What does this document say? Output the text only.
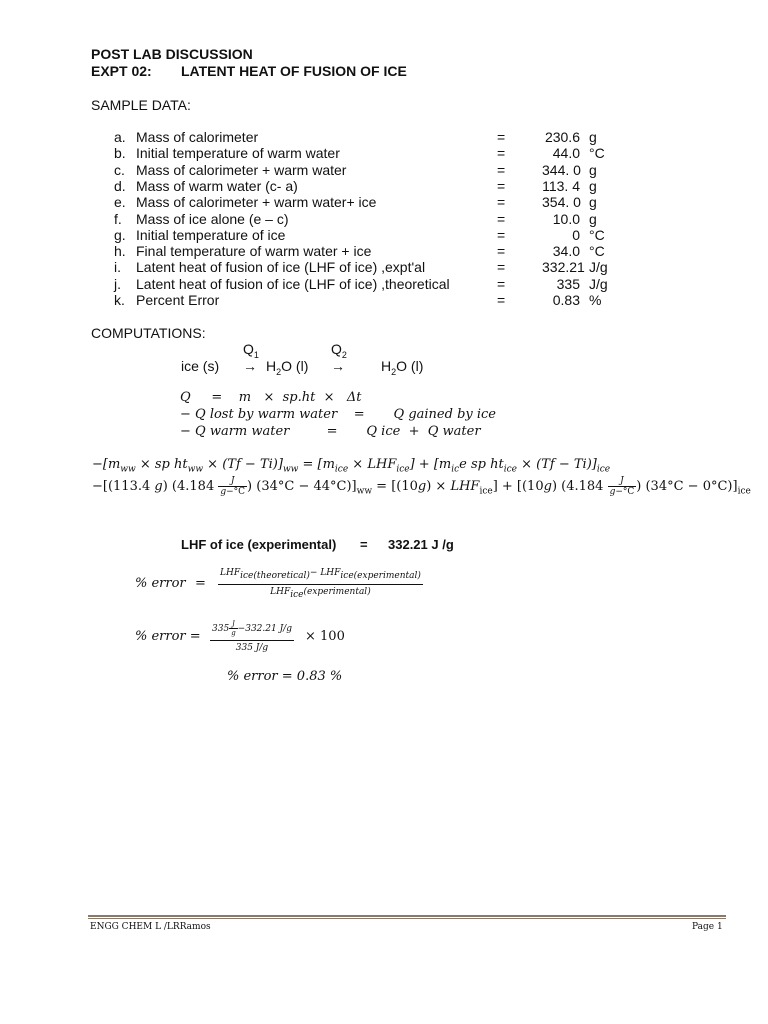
POST LAB DISCUSSION
EXPT 02: LATENT HEAT OF FUSION OF ICE
SAMPLE DATA:
a. Mass of calorimeter	=	230.6 g
b. Initial temperature of warm water	=	44.0 °C
c. Mass of calorimeter + warm water	=	344. 0 g
d. Mass of warm water (c- a)	=	113. 4 g
e. Mass of calorimeter + warm water+ ice	=	354. 0 g
f. Mass of ice alone (e – c)	=	10.0 g
g. Initial temperature of ice	=	0 °C
h. Final temperature of warm water + ice	=	34.0 °C
i. Latent heat of fusion of ice (LHF of ice) ,expt'al	=	332.21 J/g
j. Latent heat of fusion of ice (LHF of ice) ,theoretical	=	335 J/g
k. Percent Error	=	0.83 %
COMPUTATIONS:
$Q_1$	$Q_2$
ice $(s) \to H_2O$ (l) →	$H_2O$ (l)
Q     =    m   ×  sp.ht  ×   Δt
− Q lost by warm water    =       Q gained by ice
− Q warm water         =       Q ice  +  Q water
$-[m_{ww}$ × sp $ht_{ww} \times (Tf - Ti)]_{ww} = [m_{ice} \times LHF_{ice}] + [m_{ic}e$ sp $ht_{ice} \times (Tf - Ti)]_{ice}$
−[(113.4 g) ($4.184 \frac{J}{g-^\circ C}$ ) $(34^\circ C - 44^\circ C)]_{ww} = [(10g) \times LHF_{ice}] + [(10g)$ ($4.184 \frac{J}{g-^\circ C}$ ) $(34^\circ C - 0^\circ C)]_{ice}$
LHF of ice (experimental) = 332.21 J /g
% error = $\frac{LHF_{ice(theoretical)}- LHF_{ice(experimental)}}{LHF_{ice}(experimental)}$
% error = $\frac{335 \frac{J}{g} -332.21 J/g}{335 J/g} \times 100$
% error = 0.83 %
ENGG CHEM L /LRRamos	Page 1
